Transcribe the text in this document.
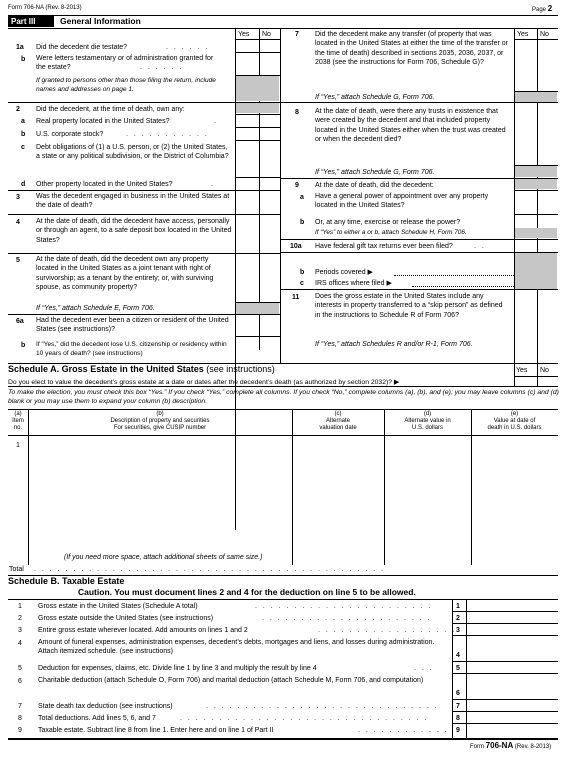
Form 706-NA (Rev. 8-2013)	Page 2
Part III	General Information
Yes No	Yes No
1a Did the decedent die testate?	. . . . . .
b Were letters testamentary or of administration granted for the estate?	. . . . . .
If granted to persons other than those filing the return, include names and addresses on page 1.
2 Did the decedent, at the time of death, own any:
a Real property located in the United States?	.
b U.S. corporate stock?	. . . . . . . . . . .
c Debt obligations of (1) a U.S. person, or (2) the United States, a state or any political subdivision, or the District of Columbia?
d Other property located in the United States?	.
3 Was the decedent engaged in business in the United States at the date of death?
4 At the date of death, did the decedent have access, personally or through an agent, to a safe deposit box located in the United States?
5 At the date of death, did the decedent own any property located in the United States as a joint tenant with right of survivorship; as a tenant by the entirety; or, with surviving spouse, as community property?
If “Yes,” attach Schedule E, Form 706.
6a Had the decedent ever been a citizen or resident of the United States (see instructions)?
b If “Yes,” did the decedent lose U.S. citizenship or residency within 10 years of death? (see instructions)
7 Did the decedent make any transfer (of property that was located in the United States at either the time of the transfer or the time of death) described in sections 2035, 2036, 2037, or 2038 (see the instructions for Form 706, Schedule G)?
If “Yes,” attach Schedule G, Form 706.
8 At the date of death, were there any trusts in existence that were created by the decedent and that included property located in the United States either when the trust was created or when the decedent died?
If “Yes,” attach Schedule G, Form 706.
9 At the date of death, did the decedent:
a Have a general power of appointment over any property located in the United States?
b Or, at any time, exercise or release the power?
If “Yes” to either a or b, attach Schedule H, Form 706.
10a Have federal gift tax returns ever been filed?	. .
b Periods covered ▶
c IRS offices where filed ▶
11 Does the gross estate in the United States include any interests in property transferred to a “skip person” as defined in the instructions to Schedule R of Form 706?
If “Yes,” attach Schedules R and/or R-1, Form 706.
Schedule A. Gross Estate in the United States (see instructions)	Yes No
Do you elect to value the decedent’s gross estate at a date or dates after the decedent’s death (as authorized by section 2032)? ▶
To make the election, you must check this box “Yes.” If you check “Yes,” complete all columns. If you check “No,” complete columns (a), (b), and (e); you may leave columns (c) and (d) blank or you may use them to expand your column (b) description.
(a)
Item
no.
(b)
Description of property and securities
For securities, give CUSIP number
(c)
Alternate
valuation date
(d)
Alternate value in
U.S. dollars
(e)
Value at date of
death in U.S. dollars
1
(If you need more space, attach additional sheets of same size.)
Total . . . . . . . . . . . . . . . . . . . . . . . . . . . . . . . . . . . . . . . . . . . . .
Schedule B. Taxable Estate
Caution. You must document lines 2 and 4 for the deduction on line 5 to be allowed.
1 Gross estate in the United States (Schedule A total)	. . . . . . . . . . . . . . . . . . . . . . .	1
2 Gross estate outside the United States (see instructions)	. . . . . . . . . . . . . . . . . . . . . .	2
3 Entire gross estate wherever located. Add amounts on lines 1 and 2	. . . . . . . . . . . . . . . . . . 3
4 Amount of funeral expenses, administration expenses, decedent’s debts, mortgages and liens, and losses during administration. Attach itemized schedule. (see instructions)
4
5 Deduction for expenses, claims, etc. Divide line 1 by line 3 and multiply the result by line 4	. . .	5
6 Charitable deduction (attach Schedule O, Form 706) and marital deduction (attach Schedule M, Form 706, and computation)
6
7 State death tax deduction (see instructions)	. . . . . . . . . . . . . . . . . . . . . . . . . . . . . . 7
8 Total deductions. Add lines 5, 6, and 7	. . . . . . . . . . . . . . . . . . . . . . . . . . . . . . . .	8
9 Taxable estate. Subtract line 8 from line 1. Enter here and on line 1 of Part II	. . . . . . . . . . . . 9
Form 706-NA (Rev. 8-2013)
